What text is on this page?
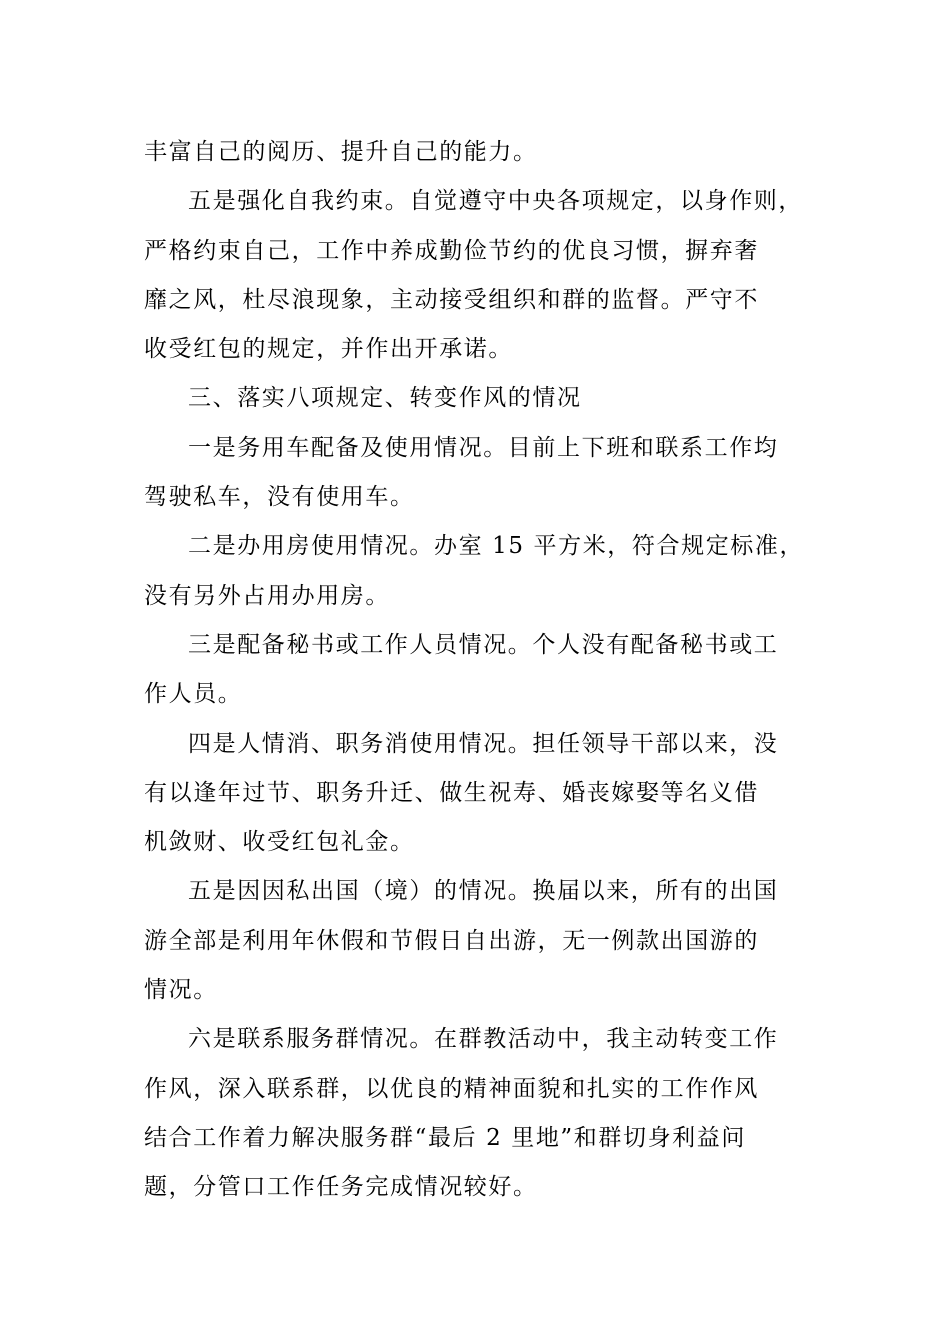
丰富自己的阅历、提升自己的能力。

五是强化自我约束。自觉遵守中央各项规定，以身作则，
严格约束自己，工作中养成勤俭节约的优良习惯，摒弃奢
靡之风，杜尽浪现象，主动接受组织和群的监督。严守不
收受红包的规定，并作出开承诺。

三、落实八项规定、转变作风的情况

一是务用车配备及使用情况。目前上下班和联系工作均
驾驶私车，没有使用车。

二是办用房使用情况。办室 15 平方米，符合规定标准，
没有另外占用办用房。

三是配备秘书或工作人员情况。个人没有配备秘书或工
作人员。

四是人情消、职务消使用情况。担任领导干部以来，没
有以逢年过节、职务升迁、做生祝寿、婚丧嫁娶等名义借
机敛财、收受红包礼金。

五是因因私出国（境）的情况。换届以来，所有的出国
游全部是利用年休假和节假日自出游，无一例款出国游的
情况。

六是联系服务群情况。在群教活动中，我主动转变工作
作风，深入联系群，以优良的精神面貌和扎实的工作作风
结合工作着力解决服务群“最后 2 里地”和群切身利益问
题，分管口工作任务完成情况较好。
